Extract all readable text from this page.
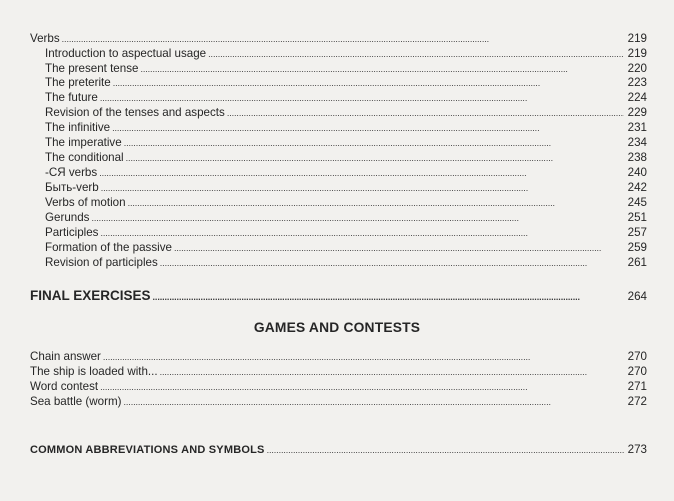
Verbs . . .	219
Introduction to aspectual usage . . .	219
The present tense . . .	220
The preterite . . .	223
The future . . .	224
Revision of the tenses and aspects . . .	229
The infinitive . . .	231
The imperative . . .	234
The conditional . . .	238
-СЯ verbs . . .	240
Быть-verb . . .	242
Verbs of motion . . .	245
Gerunds . . .	251
Participles . . .	257
Formation of the passive . . .	259
Revision of participles . . .	261
FINAL EXERCISES . . .	264
GAMES AND CONTESTS
Chain answer . . .	270
The ship is loaded with... . . .	270
Word contest . . .	271
Sea battle (worm) . . .	272
COMMON ABBREVIATIONS AND SYMBOLS . . .	273
